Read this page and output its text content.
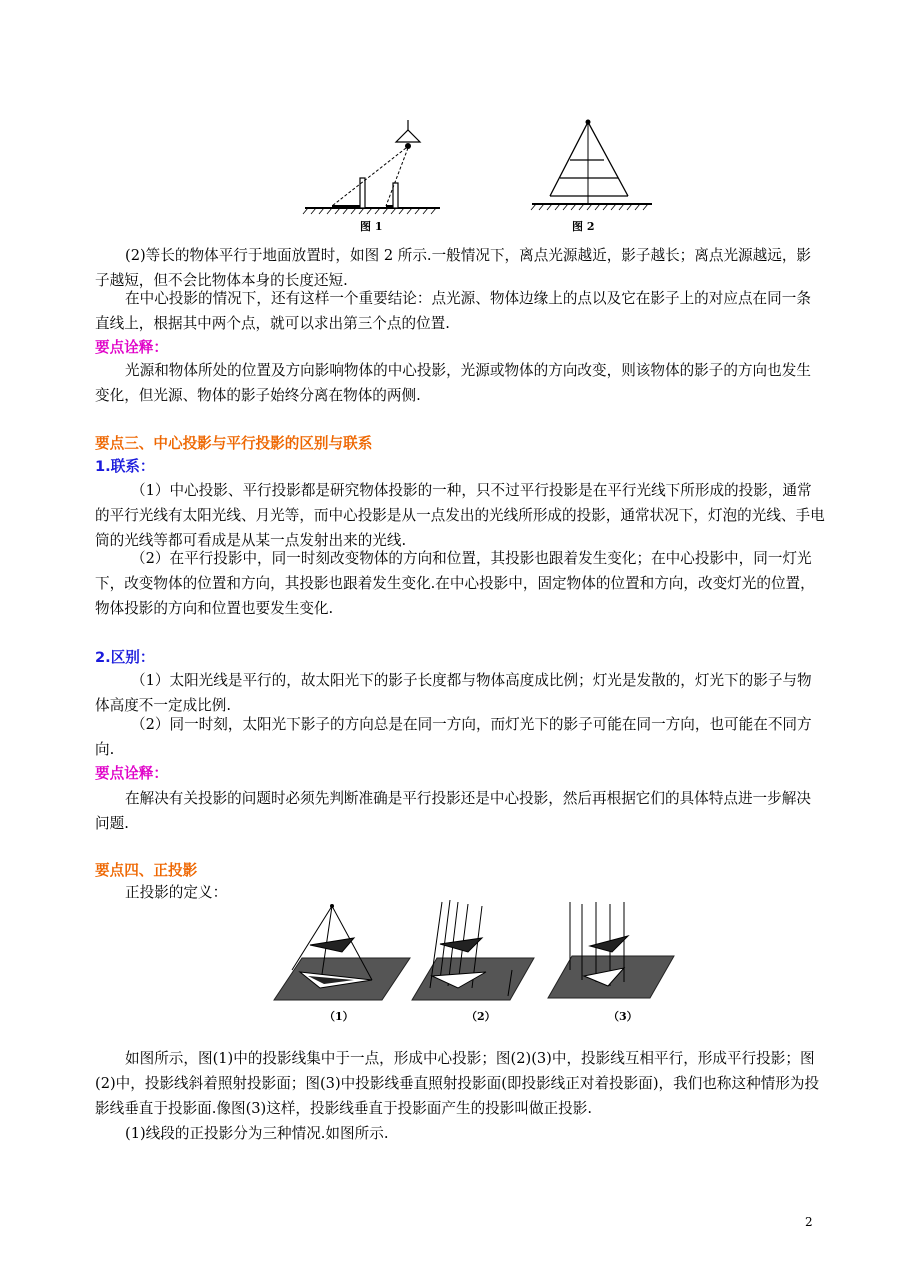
图 1	图 2

(2)等长的物体平行于地面放置时，如图 2 所示.一般情况下，离点光源越近，影子越长；离点光源越远，影子越短，但不会比物体本身的长度还短.

在中心投影的情况下，还有这样一个重要结论：点光源、物体边缘上的点以及它在影子上的对应点在同一条直线上，根据其中两个点，就可以求出第三个点的位置.

要点诠释：

光源和物体所处的位置及方向影响物体的中心投影，光源或物体的方向改变，则该物体的影子的方向也发生变化，但光源、物体的影子始终分离在物体的两侧.

要点三、中心投影与平行投影的区别与联系
1.联系：

（1）中心投影、平行投影都是研究物体投影的一种，只不过平行投影是在平行光线下所形成的投影，通常的平行光线有太阳光线、月光等，而中心投影是从一点发出的光线所形成的投影，通常状况下，灯泡的光线、手电筒的光线等都可看成是从某一点发射出来的光线.

（2）在平行投影中，同一时刻改变物体的方向和位置，其投影也跟着发生变化；在中心投影中，同一灯光下，改变物体的位置和方向，其投影也跟着发生变化.在中心投影中，固定物体的位置和方向，改变灯光的位置，物体投影的方向和位置也要发生变化.

2.区别：

（1）太阳光线是平行的，故太阳光下的影子长度都与物体高度成比例；灯光是发散的，灯光下的影子与物体高度不一定成比例.

（2）同一时刻，太阳光下影子的方向总是在同一方向，而灯光下的影子可能在同一方向，也可能在不同方向.

要点诠释：

在解决有关投影的问题时必须先判断准确是平行投影还是中心投影，然后再根据它们的具体特点进一步解决问题.

要点四、正投影

正投影的定义：

（1）	（2）	（3）

如图所示，图(1)中的投影线集中于一点，形成中心投影；图(2)(3)中，投影线互相平行，形成平行投影；图(2)中，投影线斜着照射投影面；图(3)中投影线垂直照射投影面(即投影线正对着投影面)，我们也称这种情形为投影线垂直于投影面.像图(3)这样，投影线垂直于投影面产生的投影叫做正投影.

(1)线段的正投影分为三种情况.如图所示.

2
